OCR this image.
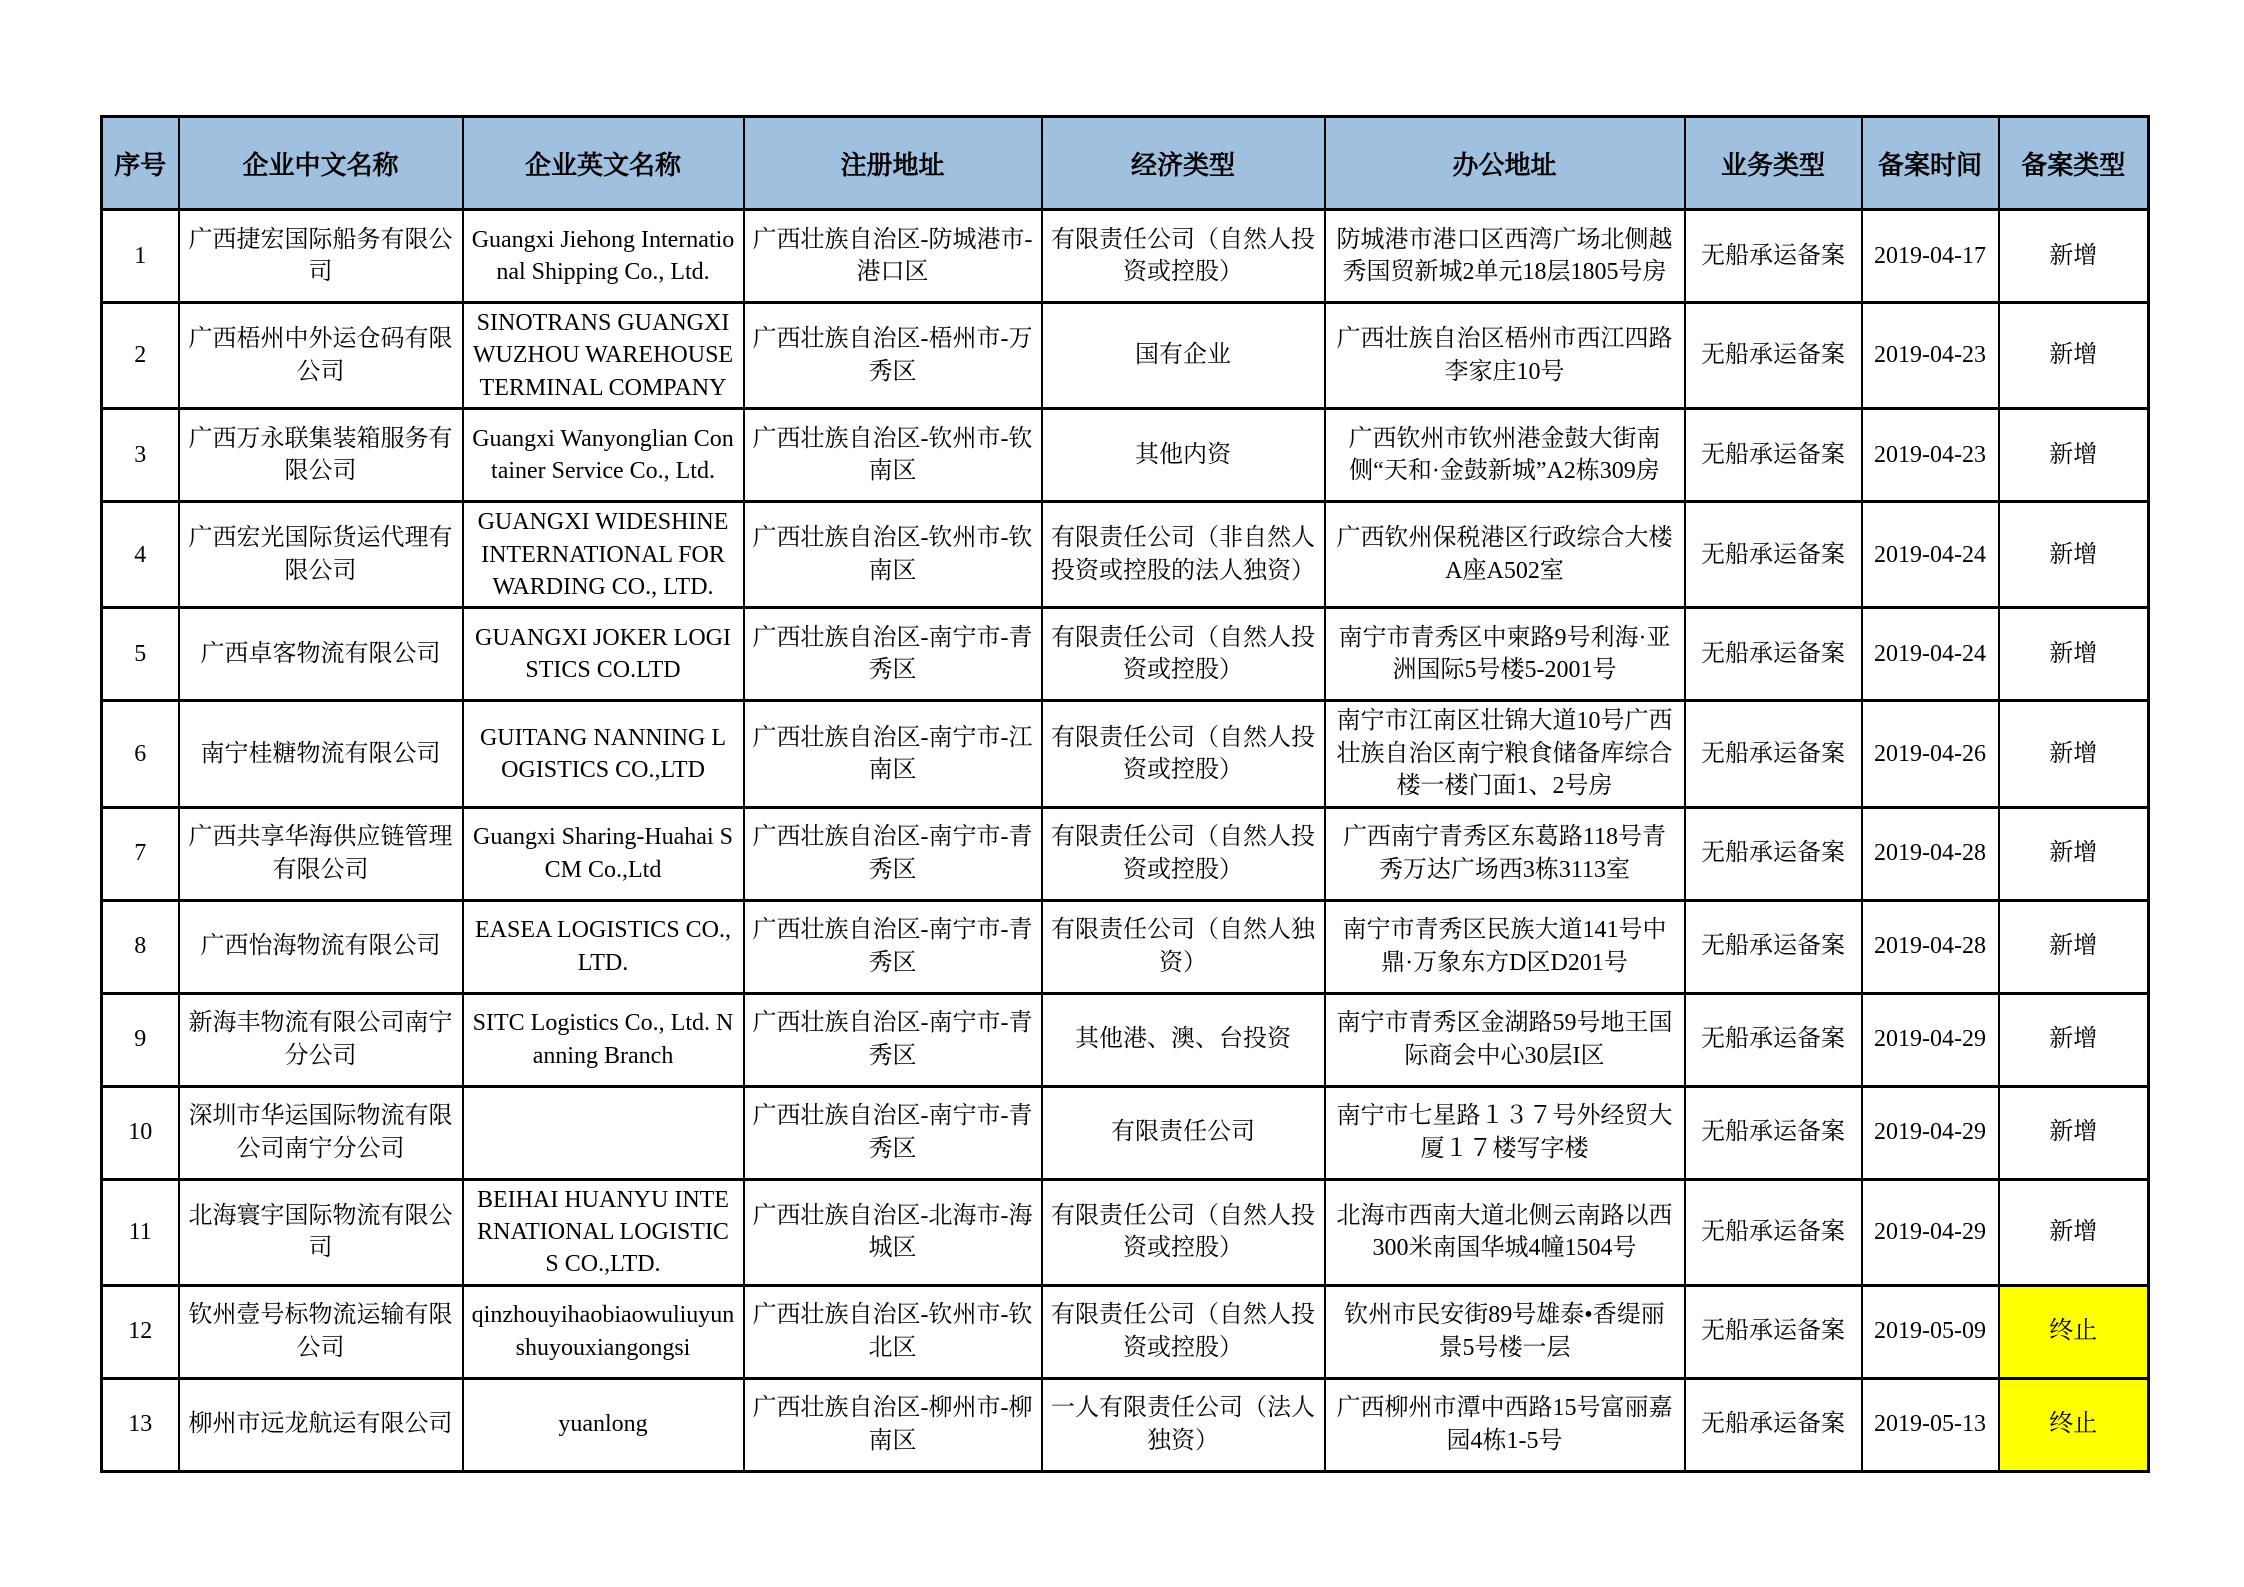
序号	企业中文名称	企业英文名称	注册地址	经济类型	办公地址	业务类型	备案时间	备案类型
1	广西捷宏国际船务有限公司	Guangxi Jiehong International Shipping Co., Ltd.	广西壮族自治区-防城港市-港口区	有限责任公司（自然人投资或控股）	防城港市港口区西湾广场北侧越秀国贸新城2单元18层1805号房	无船承运备案	2019-04-17	新增
2	广西梧州中外运仓码有限公司	SINOTRANS GUANGXI WUZHOU WAREHOUSE TERMINAL COMPANY	广西壮族自治区-梧州市-万秀区	国有企业	广西壮族自治区梧州市西江四路李家庄10号	无船承运备案	2019-04-23	新增
3	广西万永联集装箱服务有限公司	Guangxi Wanyonglian Container Service Co., Ltd.	广西壮族自治区-钦州市-钦南区	其他内资	广西钦州市钦州港金鼓大街南侧“天和·金鼓新城”A2栋309房	无船承运备案	2019-04-23	新增
4	广西宏光国际货运代理有限公司	GUANGXI WIDESHINE INTERNATIONAL FORWARDING CO., LTD.	广西壮族自治区-钦州市-钦南区	有限责任公司（非自然人投资或控股的法人独资）	广西钦州保税港区行政综合大楼A座A502室	无船承运备案	2019-04-24	新增
5	广西卓客物流有限公司	GUANGXI JOKER LOGISTICS CO.LTD	广西壮族自治区-南宁市-青秀区	有限责任公司（自然人投资或控股）	南宁市青秀区中柬路9号利海·亚洲国际5号楼5-2001号	无船承运备案	2019-04-24	新增
6	南宁桂糖物流有限公司	GUITANG NANNING LOGISTICS CO.,LTD	广西壮族自治区-南宁市-江南区	有限责任公司（自然人投资或控股）	南宁市江南区壮锦大道10号广西壮族自治区南宁粮食储备库综合楼一楼门面1、2号房	无船承运备案	2019-04-26	新增
7	广西共享华海供应链管理有限公司	Guangxi Sharing-Huahai SCM Co.,Ltd	广西壮族自治区-南宁市-青秀区	有限责任公司（自然人投资或控股）	广西南宁青秀区东葛路118号青秀万达广场西3栋3113室	无船承运备案	2019-04-28	新增
8	广西怡海物流有限公司	EASEA LOGISTICS CO., LTD.	广西壮族自治区-南宁市-青秀区	有限责任公司（自然人独资）	南宁市青秀区民族大道141号中鼎·万象东方D区D201号	无船承运备案	2019-04-28	新增
9	新海丰物流有限公司南宁分公司	SITC Logistics Co., Ltd. Nanning Branch	广西壮族自治区-南宁市-青秀区	其他港、澳、台投资	南宁市青秀区金湖路59号地王国际商会中心30层I区	无船承运备案	2019-04-29	新增
10	深圳市华运国际物流有限公司南宁分公司		广西壮族自治区-南宁市-青秀区	有限责任公司	南宁市七星路１３７号外经贸大厦１７楼写字楼	无船承运备案	2019-04-29	新增
11	北海寰宇国际物流有限公司	BEIHAI HUANYU INTERNATIONAL LOGISTICS CO.,LTD.	广西壮族自治区-北海市-海城区	有限责任公司（自然人投资或控股）	北海市西南大道北侧云南路以西300米南国华城4幢1504号	无船承运备案	2019-04-29	新增
12	钦州壹号标物流运输有限公司	qinzhouyihaobiaowuliuyunshuyouxiangongsi	广西壮族自治区-钦州市-钦北区	有限责任公司（自然人投资或控股）	钦州市民安街89号雄泰•香缇丽景5号楼一层	无船承运备案	2019-05-09	终止
13	柳州市远龙航运有限公司	yuanlong	广西壮族自治区-柳州市-柳南区	一人有限责任公司（法人独资）	广西柳州市潭中西路15号富丽嘉园4栋1-5号	无船承运备案	2019-05-13	终止
